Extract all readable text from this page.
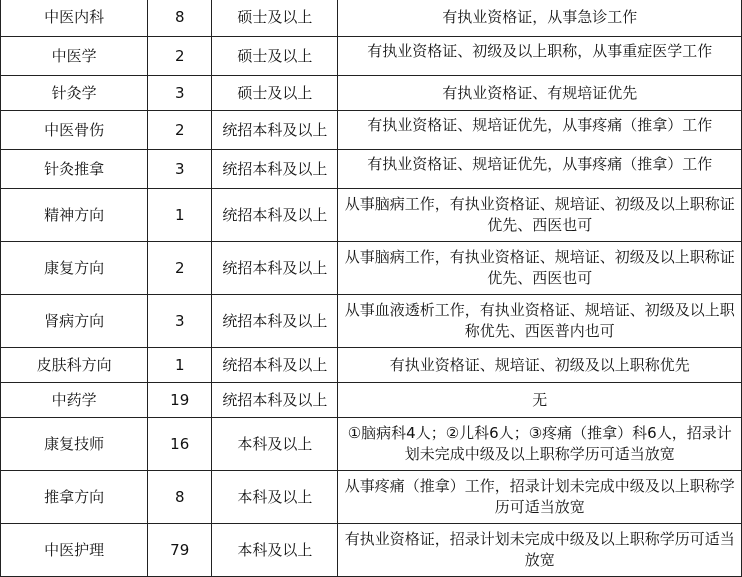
中医内科	8	硕士及以上	有执业资格证，从事急诊工作
中医学	2	硕士及以上	有执业资格证、初级及以上职称，从事重症医学工作

针灸学	3	硕士及以上	有执业资格证、有规培证优先
中医骨伤	2	统招本科及以上	有执业资格证、规培证优先，从事疼痛（推拿）工作

针灸推拿	3	统招本科及以上	有执业资格证、规培证优先，从事疼痛（推拿）工作

精神方向	1	统招本科及以上	从事脑病工作，有执业资格证、规培证、初级及以上职称证优先、西医也可
康复方向	2	统招本科及以上	从事脑病工作，有执业资格证、规培证、初级及以上职称证优先、西医也可
肾病方向	3	统招本科及以上	从事血液透析工作，有执业资格证、规培证、初级及以上职称优先、西医普内也可
皮肤科方向	1	统招本科及以上	有执业资格证、规培证、初级及以上职称优先
中药学	19	统招本科及以上	无
康复技师	16	本科及以上	①脑病科4人；②儿科6人；③疼痛（推拿）科6人，招录计划未完成中级及以上职称学历可适当放宽
推拿方向	8	本科及以上	从事疼痛（推拿）工作，招录计划未完成中级及以上职称学历可适当放宽
中医护理	79	本科及以上	有执业资格证，招录计划未完成中级及以上职称学历可适当放宽
